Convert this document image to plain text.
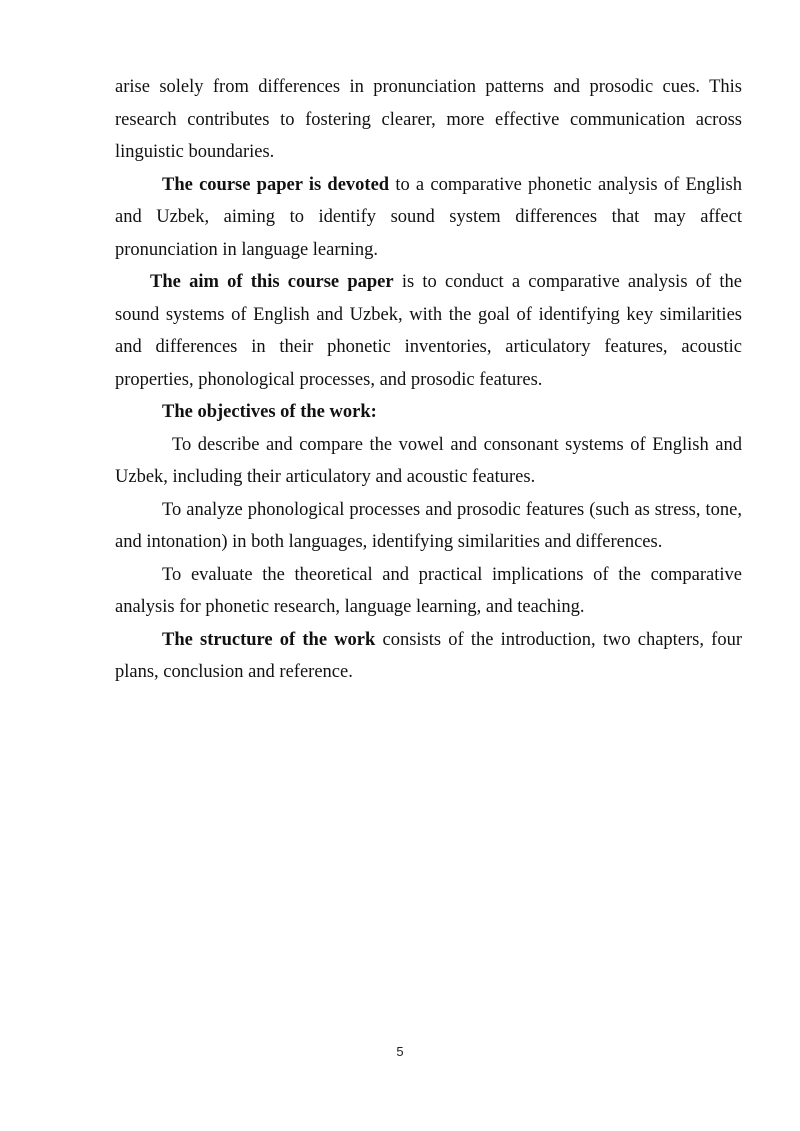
arise solely from differences in pronunciation patterns and prosodic cues. This research contributes to fostering clearer, more effective communication across linguistic boundaries.

The course paper is devoted to a comparative phonetic analysis of English and Uzbek, aiming to identify sound system differences that may affect pronunciation in language learning.

The aim of this course paper is to conduct a comparative analysis of the sound systems of English and Uzbek, with the goal of identifying key similarities and differences in their phonetic inventories, articulatory features, acoustic properties, phonological processes, and prosodic features.

The objectives of the work:

To describe and compare the vowel and consonant systems of English and Uzbek, including their articulatory and acoustic features.

To analyze phonological processes and prosodic features (such as stress, tone, and intonation) in both languages, identifying similarities and differences.

To evaluate the theoretical and practical implications of the comparative analysis for phonetic research, language learning, and teaching.

The structure of the work consists of the introduction, two chapters, four plans, conclusion and reference.

5
